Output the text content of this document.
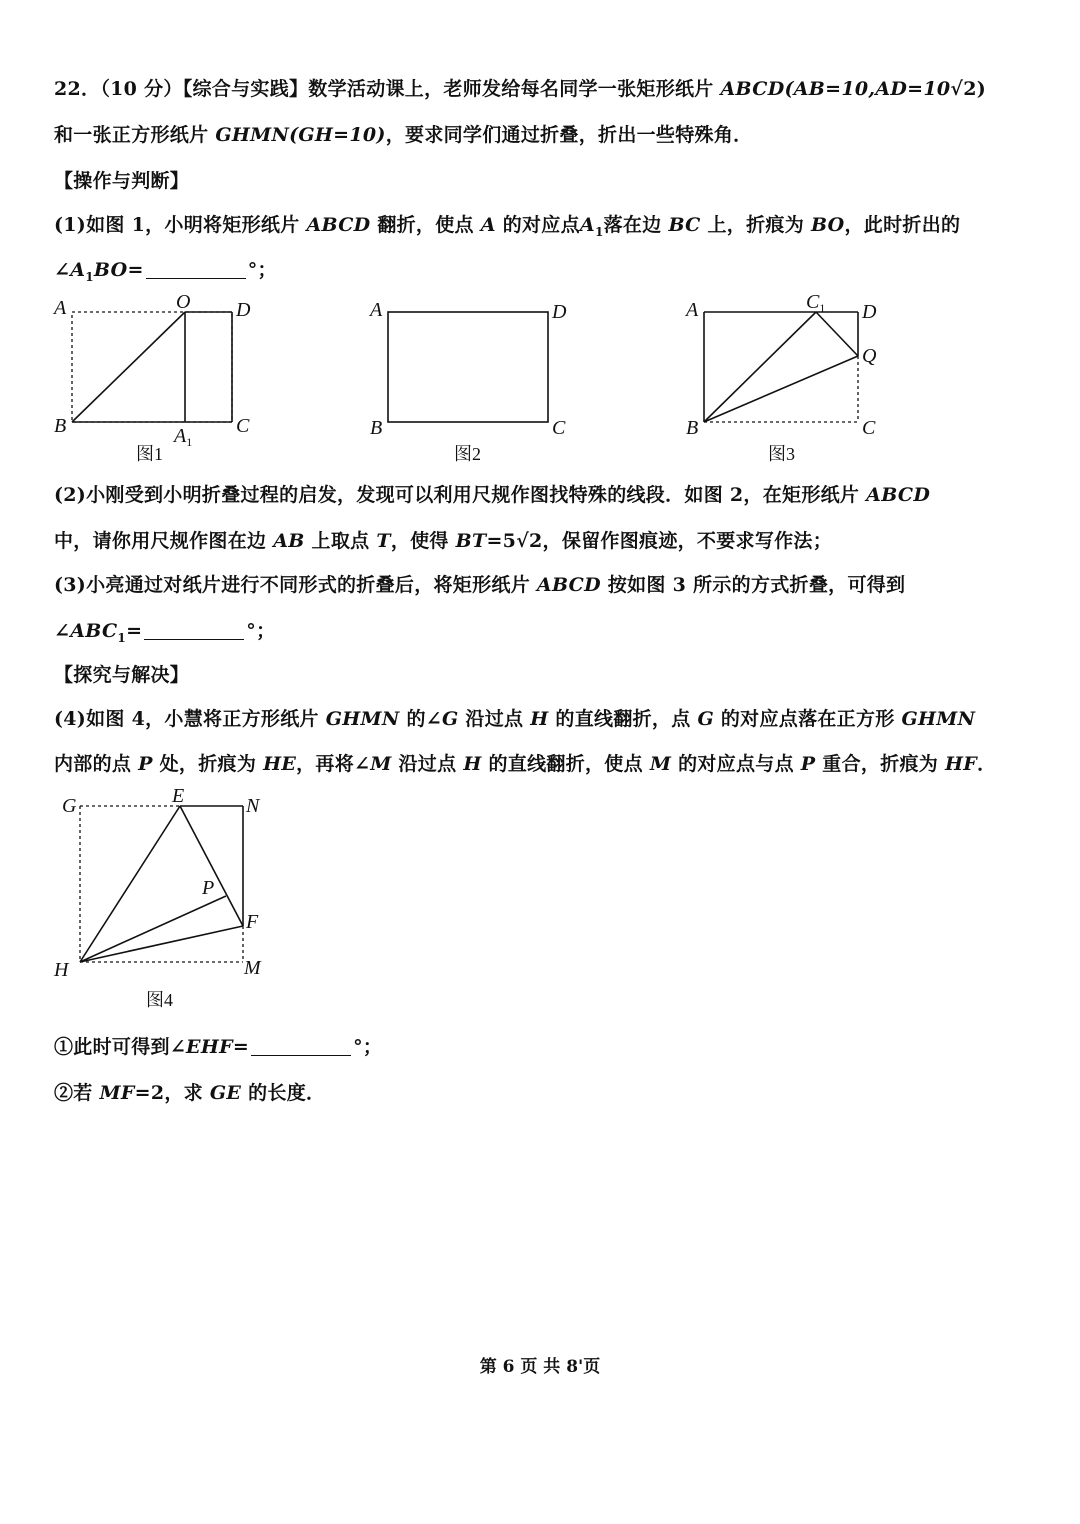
22．（10 分）【综合与实践】数学活动课上，老师发给每名同学一张矩形纸片 ABCD(AB=10,AD=10√2)
和一张正方形纸片 GHMN(GH=10)，要求同学们通过折叠，折出一些特殊角．
【操作与判断】
(1)如图 1，小明将矩形纸片 ABCD 翻折，使点 A 的对应点$A_1$落在边 BC 上，折痕为 BO，此时折出的
$\angle A_1BO=$	°；
A	O D
B	$A_1$
C
图1
A	D
B	C
图2
A	$C_1$ D
Q
B	C
图3
(2)小刚受到小明折叠过程的启发，发现可以利用尺规作图找特殊的线段．如图 2，在矩形纸片 ABCD
中，请你用尺规作图在边 AB 上取点 T，使得 BT=5√2，保留作图痕迹，不要求写作法；
(3)小亮通过对纸片进行不同形式的折叠后，将矩形纸片 ABCD 按如图 3 所示的方式折叠，可得到
$\angle ABC_1=$	°；
【探究与解决】
(4)如图 4，小慧将正方形纸片 GHMN 的∠G 沿过点 H 的直线翻折，点 G 的对应点落在正方形 GHMN
内部的点 P 处，折痕为 HE，再将∠M 沿过点 H 的直线翻折，使点 M 的对应点与点 P 重合，折痕为 HF．
G	E	N
P
F
H	M
图4
①此时可得到∠EHF=	°；
②若 MF=2，求 GE 的长度．
第 6 页 共 8'页
